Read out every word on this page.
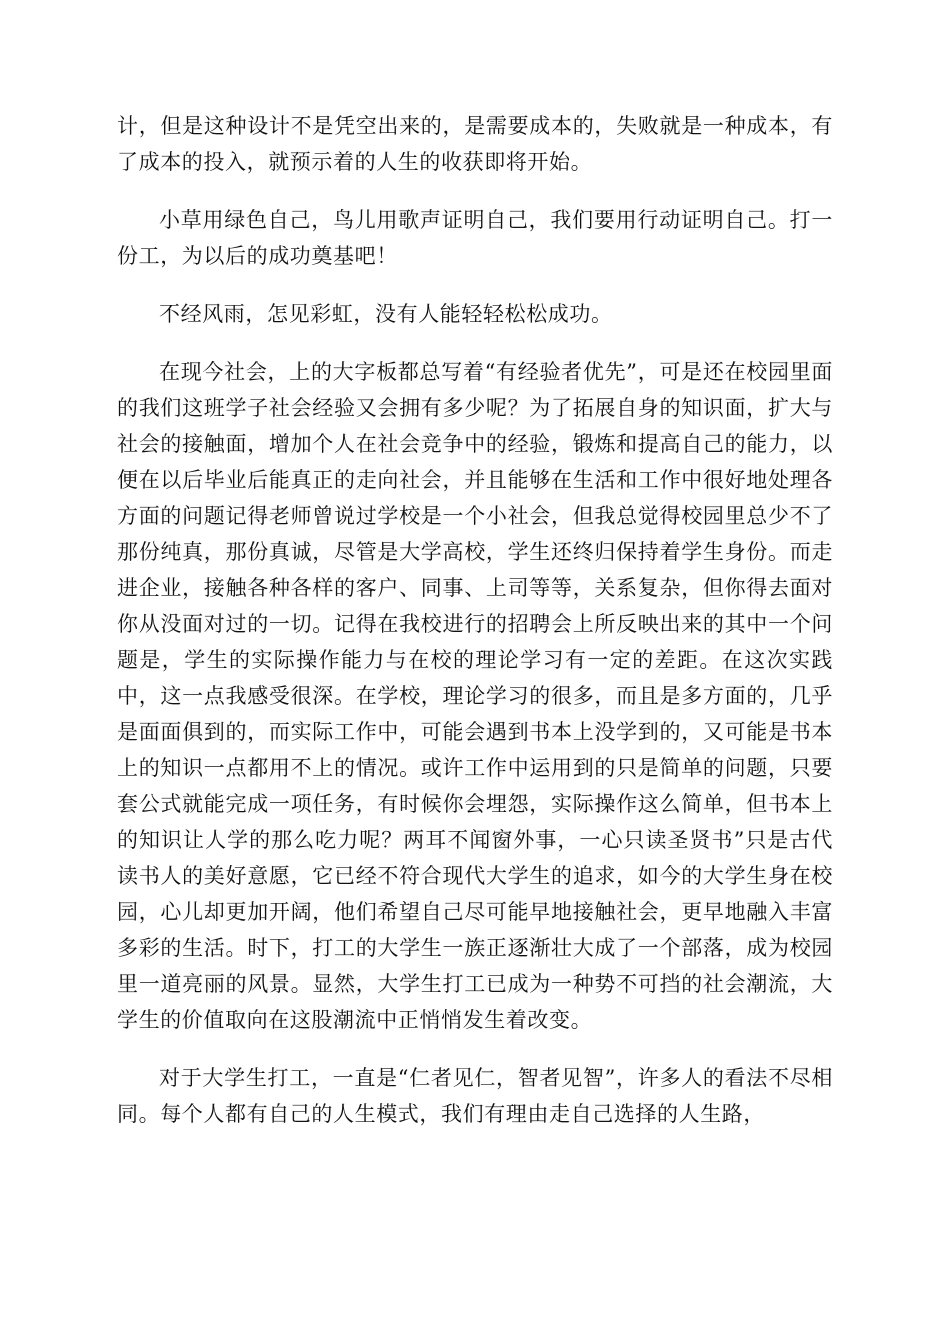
计，但是这种设计不是凭空出来的，是需要成本的，失败就是一种成本，有了成本的投入，就预示着的人生的收获即将开始。

小草用绿色自己，鸟儿用歌声证明自己，我们要用行动证明自己。打一份工，为以后的成功奠基吧！

不经风雨，怎见彩虹，没有人能轻轻松松成功。

在现今社会，上的大字板都总写着“有经验者优先”，可是还在校园里面的我们这班学子社会经验又会拥有多少呢？为了拓展自身的知识面，扩大与社会的接触面，增加个人在社会竞争中的经验，锻炼和提高自己的能力，以便在以后毕业后能真正的走向社会，并且能够在生活和工作中很好地处理各方面的问题记得老师曾说过学校是一个小社会，但我总觉得校园里总少不了那份纯真，那份真诚，尽管是大学高校，学生还终归保持着学生身份。而走进企业，接触各种各样的客户、同事、上司等等，关系复杂，但你得去面对你从没面对过的一切。记得在我校进行的招聘会上所反映出来的其中一个问题是，学生的实际操作能力与在校的理论学习有一定的差距。在这次实践中，这一点我感受很深。在学校，理论学习的很多，而且是多方面的，几乎是面面俱到的，而实际工作中，可能会遇到书本上没学到的，又可能是书本上的知识一点都用不上的情况。或许工作中运用到的只是简单的问题，只要套公式就能完成一项任务，有时候你会埋怨，实际操作这么简单，但书本上的知识让人学的那么吃力呢？两耳不闻窗外事，一心只读圣贤书”只是古代读书人的美好意愿，它已经不符合现代大学生的追求，如今的大学生身在校园，心儿却更加开阔，他们希望自己尽可能早地接触社会，更早地融入丰富多彩的生活。时下，打工的大学生一族正逐渐壮大成了一个部落，成为校园里一道亮丽的风景。显然，大学生打工已成为一种势不可挡的社会潮流，大学生的价值取向在这股潮流中正悄悄发生着改变。

对于大学生打工，一直是“仁者见仁，智者见智”，许多人的看法不尽相同。每个人都有自己的人生模式，我们有理由走自己选择的人生路，
